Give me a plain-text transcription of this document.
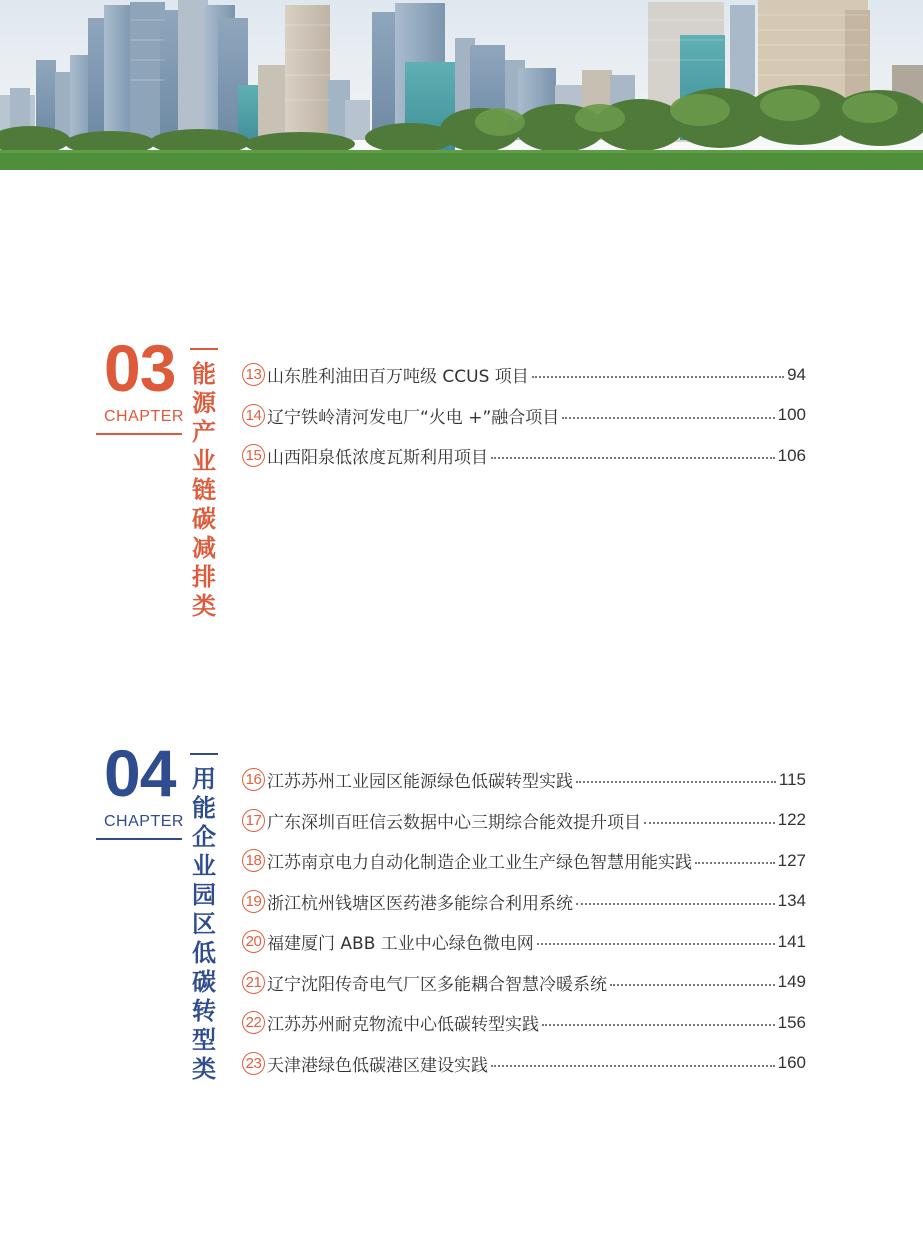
03
CHAPTER
能源产业链碳减排类
13 山东胜利油田百万吨级 CCUS 项目	94
14 辽宁铁岭清河发电厂“火电 +”融合项目	100
15 山西阳泉低浓度瓦斯利用项目	106
04
CHAPTER
用能企业园区低碳转型类
16 江苏苏州工业园区能源绿色低碳转型实践	115
17 广东深圳百旺信云数据中心三期综合能效提升项目	122
18 江苏南京电力自动化制造企业工业生产绿色智慧用能实践	127
19 浙江杭州钱塘区医药港多能综合利用系统	134
20 福建厦门 ABB 工业中心绿色微电网	141
21 辽宁沈阳传奇电气厂区多能耦合智慧冷暖系统	149
22 江苏苏州耐克物流中心低碳转型实践	156
23 天津港绿色低碳港区建设实践	160
